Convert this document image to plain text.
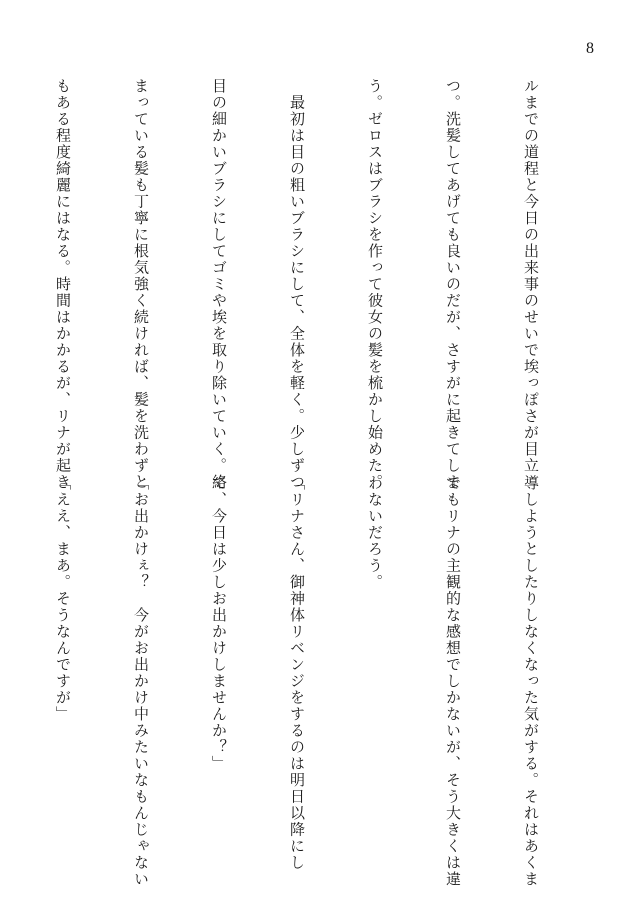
8

ルまでの道程と今日の出来事のせいで埃っぽさが目立

つ。洗髪してあげても良いのだが、さすがに起きてしま

う。ゼロスはブラシを作って彼女の髪を梳かし始めた。

　最初は目の粗いブラシにして、全体を軽く。少しずつ

目の細かいブラシにしてゴミや埃を取り除いていく。絡

まっている髪も丁寧に根気強く続ければ、髪を洗わずと

もある程度綺麗にはなる。時間はかかるが、リナが起き

導しようとしたりしなくなった気がする。それはあくま

でもリナの主観的な感想でしかないが、そう大きくは違

わないだろう。

「リナさん、御神体リベンジをするのは明日以降にし

て、今日は少しお出かけしませんか？」

「お出かけぇ？　今がお出かけ中みたいなもんじゃない

「ええ、まあ。そうなんですが」
